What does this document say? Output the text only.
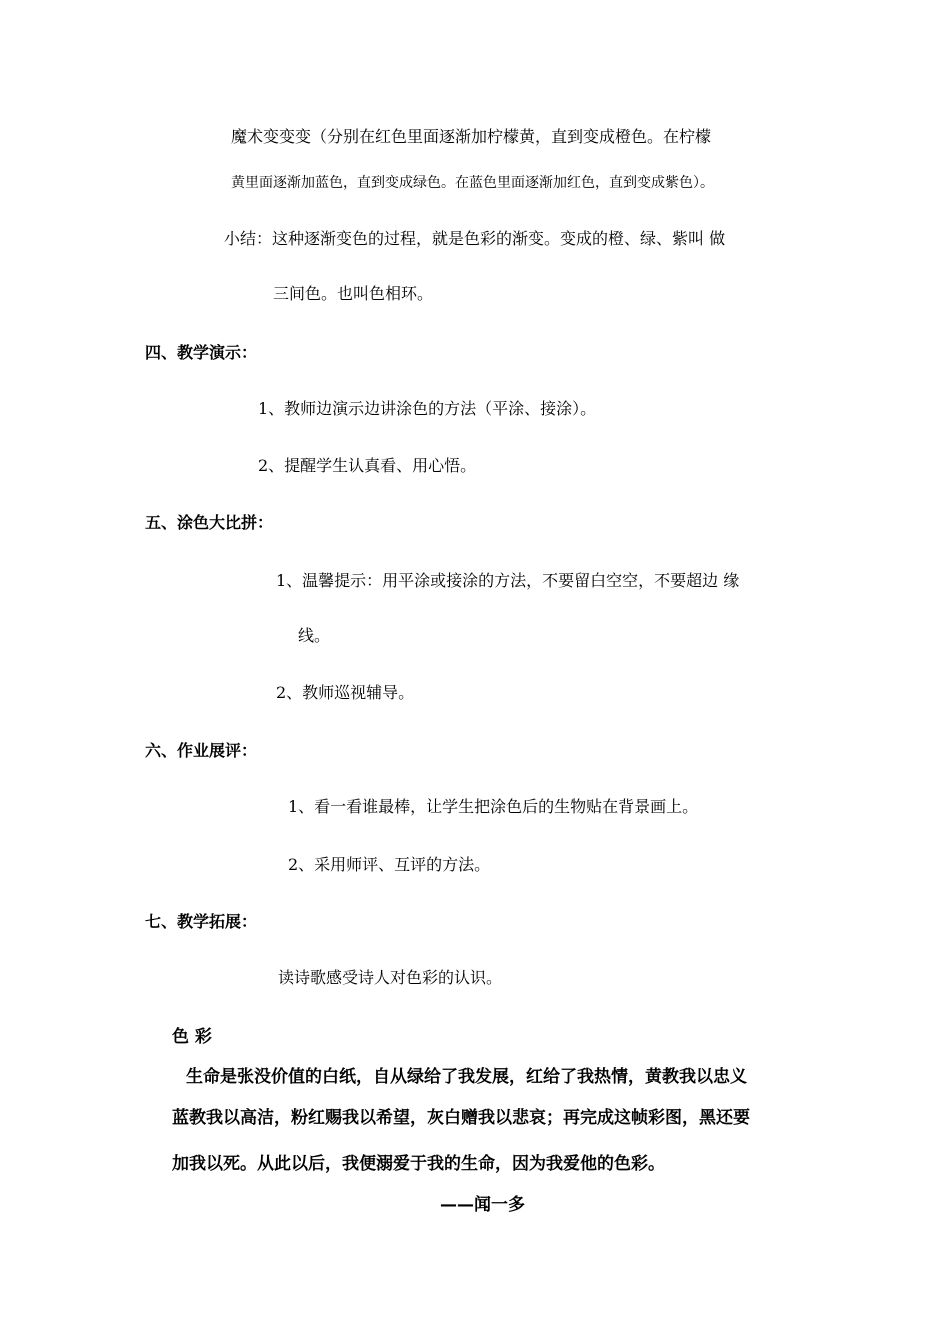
魔术变变变（分别在红色里面逐渐加柠檬黄，直到变成橙色。在柠檬
黄里面逐渐加蓝色，直到变成绿色。在蓝色里面逐渐加红色，直到变成紫色）。
小结：这种逐渐变色的过程，就是色彩的渐变。变成的橙、绿、紫叫 做
三间色。也叫色相环。
四、教学演示：
1、教师边演示边讲涂色的方法（平涂、接涂）。
2、提醒学生认真看、用心悟。
五、涂色大比拼：
1、温馨提示：用平涂或接涂的方法，不要留白空空，不要超边 缘
线。
2、教师巡视辅导。
六、作业展评：
1、看一看谁最棒，让学生把涂色后的生物贴在背景画上。
2、采用师评、互评的方法。
七、教学拓展：
读诗歌感受诗人对色彩的认识。
色 彩
生命是张没价值的白纸，自从绿给了我发展，红给了我热情，黄教我以忠义
蓝教我以高洁，粉红赐我以希望，灰白赠我以悲哀；再完成这帧彩图，黑还要
加我以死。从此以后，我便溺爱于我的生命，因为我爱他的色彩。
——闻一多
